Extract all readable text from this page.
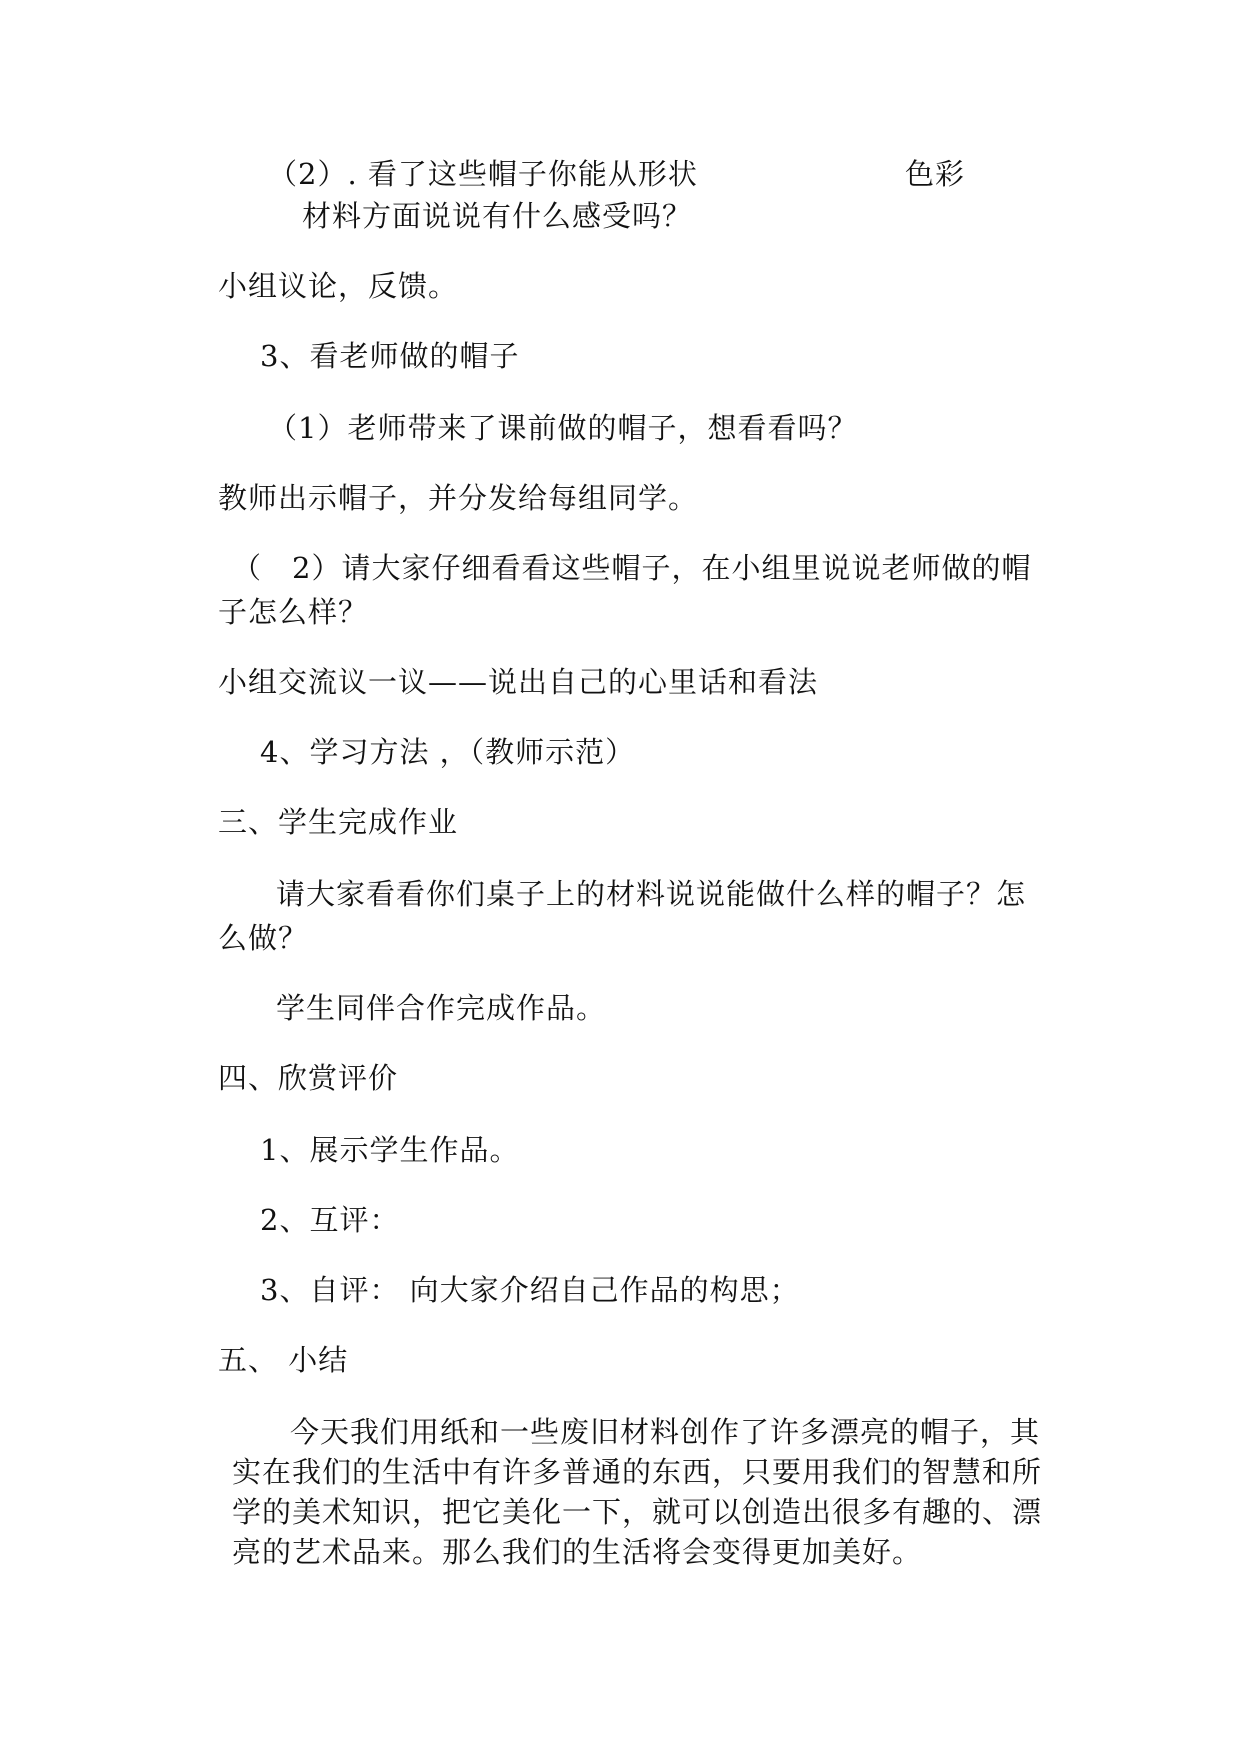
（2）. 看了这些帽子你能从形状	色彩
材料方面说说有什么感受吗？
小组议论，反馈。
3、看老师做的帽子
（1）老师带来了课前做的帽子，想看看吗？
教师出示帽子，并分发给每组同学。
（　2）请大家仔细看看这些帽子，在小组里说说老师做的帽
子怎么样？
小组交流议一议——说出自己的心里话和看法
4、学习方法 ，（教师示范）
三、学生完成作业
请大家看看你们桌子上的材料说说能做什么样的帽子？怎
么做？
学生同伴合作完成作品。
四、欣赏评价
1、展示学生作品。
2、互评：
3、自评： 向大家介绍自己作品的构思；
五、 小结
今天我们用纸和一些废旧材料创作了许多漂亮的帽子，其
实在我们的生活中有许多普通的东西，只要用我们的智慧和所
学的美术知识，把它美化一下，就可以创造出很多有趣的、漂
亮的艺术品来。那么我们的生活将会变得更加美好。
